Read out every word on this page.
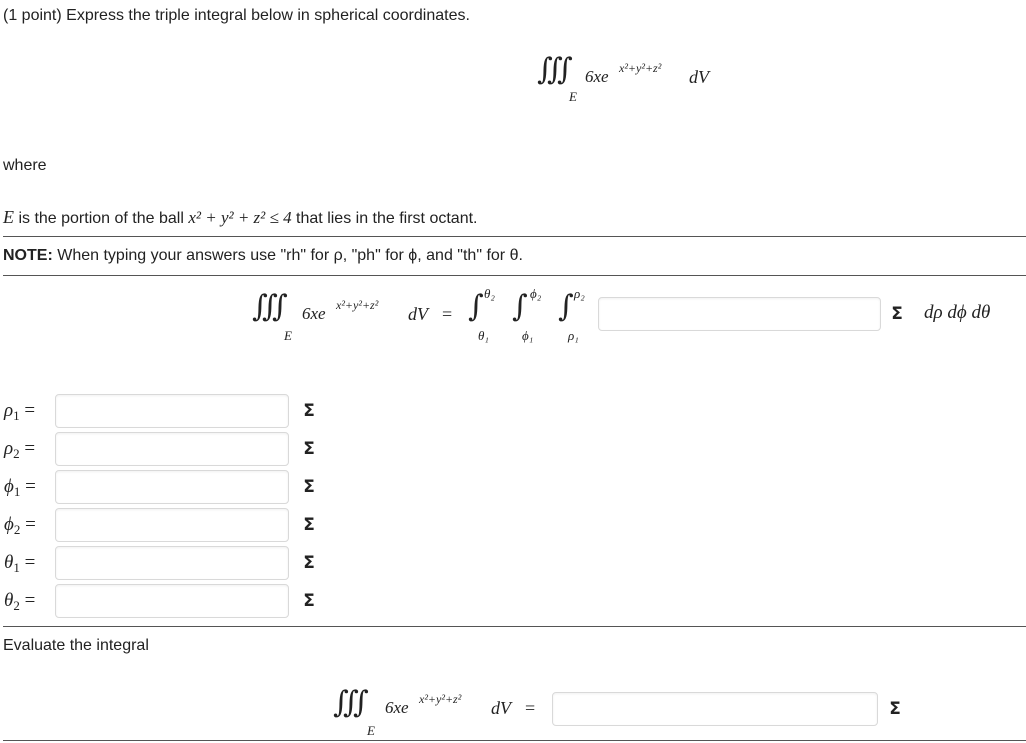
(1 point) Express the triple integral below in spherical coordinates.
∭
E
6xe x²+y²+z² dV
where
E is the portion of the ball x² + y² + z² ≤ 4 that lies in the first octant.
NOTE: When typing your answers use "rh" for ρ, "ph" for ϕ, and "th" for θ.
∭
E
6xe x²+y²+z² dV = ∫ θ₂
θ₁
∫ ϕ₂
ϕ₁
∫ ρ₂
ρ₁
Σ	dρ dϕ dθ
$\rho_1$ =	Σ
$\rho_2$ =	Σ
$\phi_1$ =	Σ
$\phi_2$ =	Σ
$\theta_1$ =	Σ
$\theta_2$ =	Σ
Evaluate the integral
∭
E
6xe x²+y²+z² dV =	Σ
